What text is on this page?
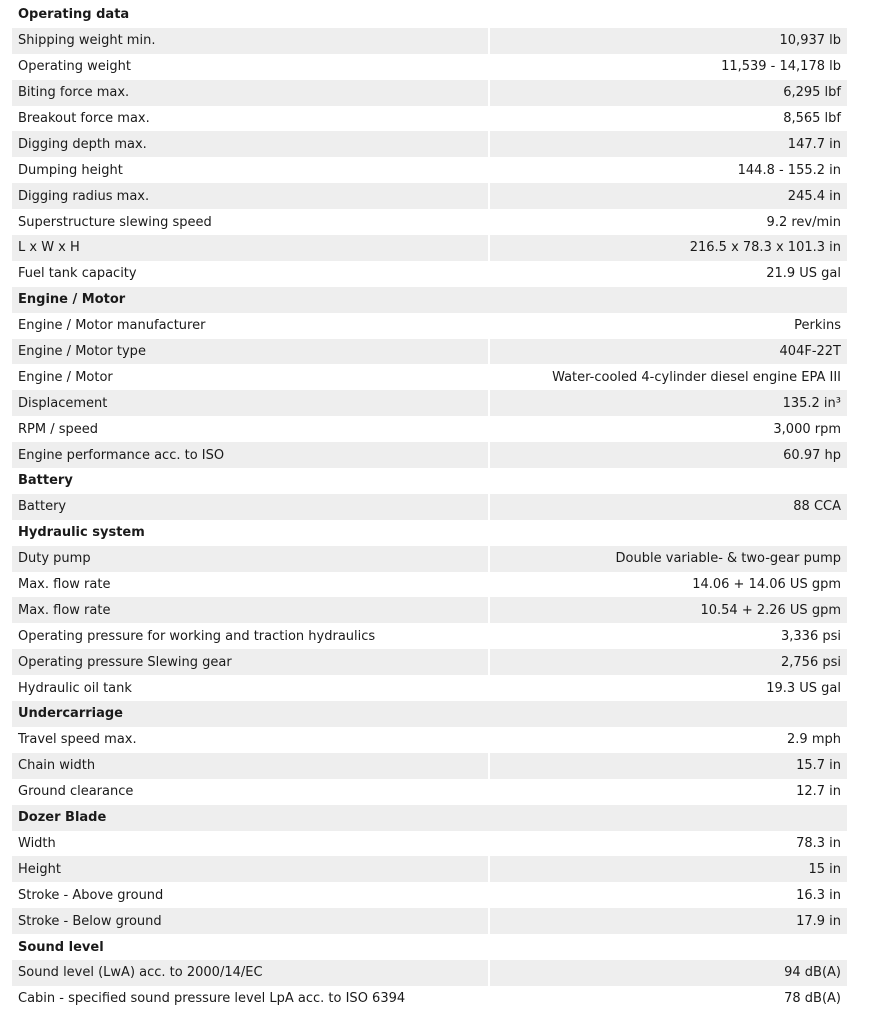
Operating data
Shipping weight min.	10,937 lb
Operating weight	11,539 - 14,178 lb
Biting force max.	6,295 lbf
Breakout force max.	8,565 lbf
Digging depth max.	147.7 in
Dumping height	144.8 - 155.2 in
Digging radius max.	245.4 in
Superstructure slewing speed	9.2 rev/min
L x W x H	216.5 x 78.3 x 101.3 in
Fuel tank capacity	21.9 US gal
Engine / Motor
Engine / Motor manufacturer	Perkins
Engine / Motor type	404F-22T
Engine / Motor	Water-cooled 4-cylinder diesel engine EPA III
Displacement	135.2 in³
RPM / speed	3,000 rpm
Engine performance acc. to ISO	60.97 hp
Battery
Battery	88 CCA
Hydraulic system
Duty pump	Double variable- & two-gear pump
Max. flow rate	14.06 + 14.06 US gpm
Max. flow rate	10.54 + 2.26 US gpm
Operating pressure for working and traction hydraulics	3,336 psi
Operating pressure Slewing gear	2,756 psi
Hydraulic oil tank	19.3 US gal
Undercarriage
Travel speed max.	2.9 mph
Chain width	15.7 in
Ground clearance	12.7 in
Dozer Blade
Width	78.3 in
Height	15 in
Stroke - Above ground	16.3 in
Stroke - Below ground	17.9 in
Sound level
Sound level (LwA) acc. to 2000/14/EC	94 dB(A)
Cabin - specified sound pressure level LpA acc. to ISO 6394	78 dB(A)
